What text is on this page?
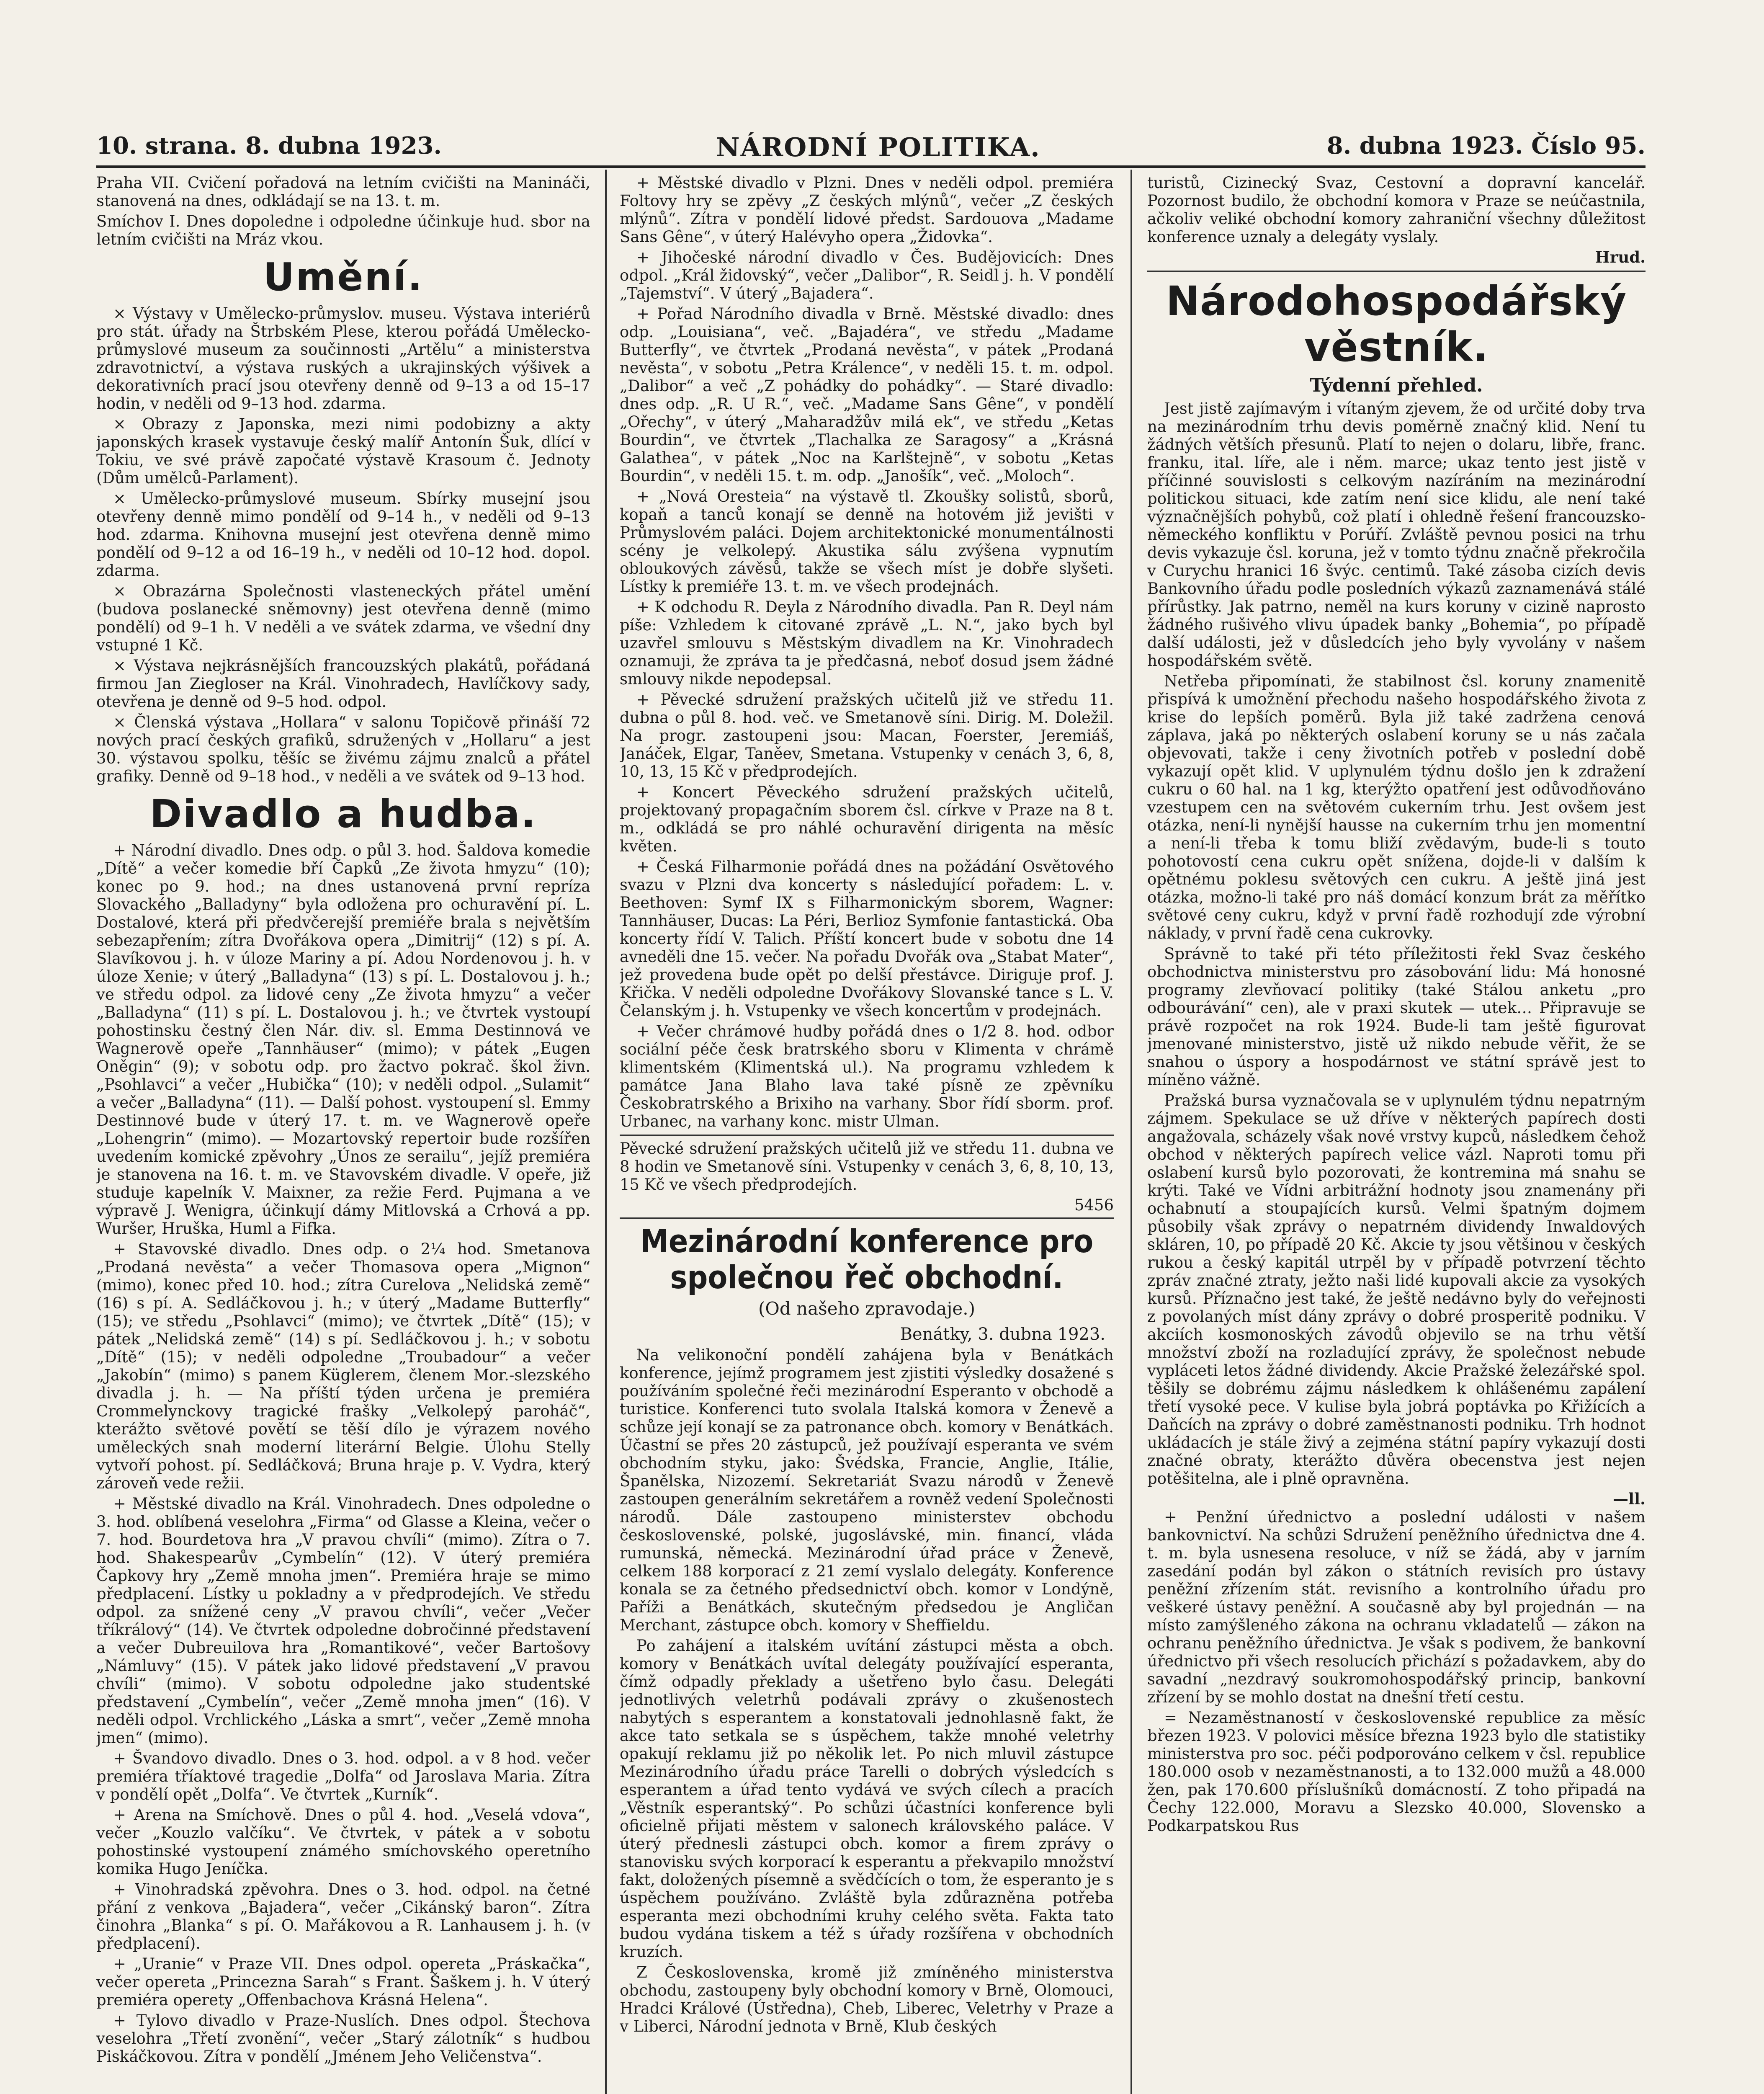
10. strana. 8. dubna 1923.	NÁRODNÍ POLITIKA.	8. dubna 1923. Číslo 95.

Praha VII. Cvičení pořadová na letním cvičišti na Manináči, stanovená na dnes, odkládají se na 13. t. m.

Smíchov I. Dnes dopoledne i odpoledne účinkuje hud. sbor na letním cvičišti na Mráz vkou.

Umění.

× Výstavy v Umělecko-průmyslov. museu. Výstava interiérů pro stát. úřady na Štrbském Plese, kterou pořádá Umělecko-průmyslové museum za součinnosti „Artělu“ a ministerstva zdravotnictví, a výstava ruských a ukrajinských výšivek a dekorativních prací jsou otevřeny denně od 9–13 a od 15–17 hodin, v neděli od 9–13 hod. zdarma.

× Obrazy z Japonska, mezi nimi podobizny a akty japonských krasek vystavuje český malíř Antonín Šuk, dlící v Tokiu, ve své právě započaté výstavě Krasoum č. Jednoty (Dům umělců-Parlament).

× Umělecko-průmyslové museum. Sbírky musejní jsou otevřeny denně mimo pondělí od 9–14 h., v neděli od 9–13 hod. zdarma. Knihovna musejní jest otevřena denně mimo pondělí od 9–12 a od 16–19 h., v neděli od 10–12 hod. dopol. zdarma.

× Obrazárna Společnosti vlasteneckých přátel umění (budova poslanecké sněmovny) jest otevřena denně (mimo pondělí) od 9–1 h. V neděli a ve svátek zdarma, ve všední dny vstupné 1 Kč.

× Výstava nejkrásnějších francouzských plakátů, pořádaná firmou Jan Ziegloser na Král. Vinohradech, Havlíčkovy sady, otevřena je denně od 9–5 hod. odpol.

× Členská výstava „Hollara“ v salonu Topičově přináší 72 nových prací českých grafiků, sdružených v „Hollaru“ a jest 30. výstavou spolku, těšíc se živému zájmu znalců a přátel grafiky. Denně od 9–18 hod., v neděli a ve svátek od 9–13 hod.

Divadlo a hudba.

+ Národní divadlo. Dnes odp. o půl 3. hod. Šaldova komedie „Dítě“ a večer komedie bří Čapků „Ze života hmyzu“ (10); konec po 9. hod.; na dnes ustanovená první repríza Slovackého „Balladyny“ byla odložena pro ochuravění pí. L. Dostalové, která při předvčerejší premiéře brala s největším sebezapřením; zítra Dvořákova opera „Dimitrij“ (12) s pí. A. Slavíkovou j. h. v úloze Mariny a pí. Adou Nordenovou j. h. v úloze Xenie; v úterý „Balladyna“ (13) s pí. L. Dostalovou j. h.; ve středu odpol. za lidové ceny „Ze života hmyzu“ a večer „Balladyna“ (11) s pí. L. Dostalovou j. h.; ve čtvrtek vystoupí pohostinsku čestný člen Nár. div. sl. Emma Destinnová ve Wagnerově opeře „Tannhäuser“ (mimo); v pátek „Eugen Oněgin“ (9); v sobotu odp. pro žactvo pokrač. škol živn. „Psohlavci“ a večer „Hubička“ (10); v neděli odpol. „Sulamit“ a večer „Balladyna“ (11). — Další pohost. vystoupení sl. Emmy Destinnové bude v úterý 17. t. m. ve Wagnerově opeře „Lohengrin“ (mimo). — Mozartovský repertoir bude rozšířen uvedením komické zpěvohry „Únos ze serailu“, jejíž premiéra je stanovena na 16. t. m. ve Stavovském divadle. V opeře, již studuje kapelník V. Maixner, za režie Ferd. Pujmana a ve výpravě J. Wenigra, účinkují dámy Mitlovská a Crhová a pp. Wuršer, Hruška, Huml a Fifka.

+ Stavovské divadlo. Dnes odp. o 2¼ hod. Smetanova „Prodaná nevěsta“ a večer Thomasova opera „Mignon“ (mimo), konec před 10. hod.; zítra Curelova „Nelidská země“ (16) s pí. A. Sedláčkovou j. h.; v úterý „Madame Butterfly“ (15); ve středu „Psohlavci“ (mimo); ve čtvrtek „Dítě“ (15); v pátek „Nelidská země“ (14) s pí. Sedláčkovou j. h.; v sobotu „Dítě“ (15); v neděli odpoledne „Troubadour“ a večer „Jakobín“ (mimo) s panem Küglerem, členem Mor.-slezského divadla j. h. — Na příští týden určena je premiéra Crommelynckovy tragické frašky „Velkolepý paroháč“, kterážto světové povětí se těší dílo je výrazem nového uměleckých snah moderní literární Belgie. Úlohu Stelly vytvoří pohost. pí. Sedláčková; Bruna hraje p. V. Vydra, který zároveň vede režii.

+ Městské divadlo na Král. Vinohradech. Dnes odpoledne o 3. hod. oblíbená veselohra „Firma“ od Glasse a Kleina, večer o 7. hod. Bourdetova hra „V pravou chvíli“ (mimo). Zítra o 7. hod. Shakespearův „Cymbelín“ (12). V úterý premiéra Čapkovy hry „Země mnoha jmen“. Premiéra hraje se mimo předplacení. Lístky u pokladny a v předprodejích. Ve středu odpol. za snížené ceny „V pravou chvíli“, večer „Večer tříkrálový“ (14). Ve čtvrtek odpoledne dobročinné představení a večer Dubreuilova hra „Romantikové“, večer Bartošovy „Námluvy“ (15). V pátek jako lidové představení „V pravou chvíli“ (mimo). V sobotu odpoledne jako studentské představení „Cymbelín“, večer „Země mnoha jmen“ (16). V neděli odpol. Vrchlického „Láska a smrt“, večer „Země mnoha jmen“ (mimo).

+ Švandovo divadlo. Dnes o 3. hod. odpol. a v 8 hod. večer premiéra tříaktové tragedie „Dolfa“ od Jaroslava Maria. Zítra v pondělí opět „Dolfa“. Ve čtvrtek „Kurník“.

+ Arena na Smíchově. Dnes o půl 4. hod. „Veselá vdova“, večer „Kouzlo valčíku“. Ve čtvrtek, v pátek a v sobotu pohostinské vystoupení známého smíchovského operetního komika Hugo Jeníčka.

+ Vinohradská zpěvohra. Dnes o 3. hod. odpol. na četné přání z venkova „Bajadera“, večer „Cikánský baron“. Zítra činohra „Blanka“ s pí. O. Mařákovou a R. Lanhausem j. h. (v předplacení).

+ „Uranie“ v Praze VII. Dnes odpol. opereta „Práskačka“, večer opereta „Princezna Sarah“ s Frant. Šaškem j. h. V úterý premiéra operety „Offenbachova Krásná Helena“.

+ Tylovo divadlo v Praze-Nuslích. Dnes odpol. Štechova veselohra „Třetí zvonění“, večer „Starý zálotník“ s hudbou Piskáčkovou. Zítra v pondělí „Jménem Jeho Veličenstva“.

+ Městské divadlo v Plzni. Dnes v neděli odpol. premiéra Foltovy hry se zpěvy „Z českých mlýnů“, večer „Z českých mlýnů“. Zítra v pondělí lidové předst. Sardouova „Madame Sans Gêne“, v úterý Halévyho opera „Židovka“.

+ Jihočeské národní divadlo v Čes. Budějovicích: Dnes odpol. „Král židovský“, večer „Dalibor“, R. Seidl j. h. V pondělí „Tajemství“. V úterý „Bajadera“.

+ Pořad Národního divadla v Brně. Městské divadlo: dnes odp. „Louisiana“, več. „Bajadéra“, ve středu „Madame Butterfly“, ve čtvrtek „Prodaná nevěsta“, v pátek „Prodaná nevěsta“, v sobotu „Petra Králence“, v neděli 15. t. m. odpol. „Dalibor“ a več „Z pohádky do pohádky“. — Staré divadlo: dnes odp. „R. U R.“, več. „Madame Sans Gêne“, v pondělí „Ořechy“, v úterý „Maharadžův milá ek“, ve středu „Ketas Bourdin“, ve čtvrtek „Tlachalka ze Saragosy“ a „Krásná Galathea“, v pátek „Noc na Karlštejně“, v sobotu „Ketas Bourdin“, v neděli 15. t. m. odp. „Janošík“, več. „Moloch“.

+ „Nová Oresteia“ na výstavě tl. Zkoušky solistů, sborů, kopaň a tanců konají se denně na hotovém již jevišti v Průmyslovém paláci. Dojem architektonické monumentálnosti scény je velkolepý. Akustika sálu zvýšena vypnutím obloukových závěsů, takže se všech míst je dobře slyšeti. Lístky k premiéře 13. t. m. ve všech prodejnách.

+ K odchodu R. Deyla z Národního divadla. Pan R. Deyl nám píše: Vzhledem k citované zprávě „L. N.“, jako bych byl uzavřel smlouvu s Městským divadlem na Kr. Vinohradech oznamuji, že zpráva ta je předčasná, neboť dosud jsem žádné smlouvy nikde nepodepsal.

+ Pěvecké sdružení pražských učitelů již ve středu 11. dubna o půl 8. hod. več. ve Smetanově síni. Dirig. M. Doležil. Na progr. zastoupeni jsou: Macan, Foerster, Jeremiáš, Janáček, Elgar, Taněev, Smetana. Vstupenky v cenách 3, 6, 8, 10, 13, 15 Kč v předprodejích.

+ Koncert Pěveckého sdružení pražských učitelů, projektovaný propagačním sborem čsl. církve v Praze na 8 t. m., odkládá se pro náhlé ochuravění dirigenta na měsíc květen.

+ Česká Filharmonie pořádá dnes na požádání Osvětového svazu v Plzni dva koncerty s následující pořadem: L. v. Beethoven: Symf IX s Filharmonickým sborem, Wagner: Tannhäuser, Ducas: La Péri, Berlioz Symfonie fantastická. Oba koncerty řídí V. Talich. Příští koncert bude v sobotu dne 14 avneděli dne 15. večer. Na pořadu Dvořák ova „Stabat Mater“, jež provedena bude opět po delší přestávce. Diriguje prof. J. Křička. V neděli odpoledne Dvořákovy Slovanské tance s L. V. Čelanským j. h. Vstupenky ve všech koncertům v prodejnách.

+ Večer chrámové hudby pořádá dnes o 1/2 8. hod. odbor sociální péče česk bratrského sboru v Klimenta v chrámě klimentském (Klimentská ul.). Na programu vzhledem k památce Jana Blaho lava také písně ze zpěvníku Českobratrského a Brixiho na varhany. Sbor řídí sborm. prof. Urbanec, na varhany konc. mistr Ulman.

Pěvecké sdružení pražských učitelů již ve středu 11. dubna ve 8 hodin ve Smetanově síni. Vstupenky v cenách 3, 6, 8, 10, 13, 15 Kč ve všech předprodejích.

5456
Mezinárodní konference pro společnou řeč obchodní.
(Od našeho zpravodaje.)
Benátky, 3. dubna 1923.

Na velikonoční pondělí zahájena byla v Benátkách konference, jejímž programem jest zjistiti výsledky dosažené s používáním společné řeči mezinárodní Esperanto v obchodě a turistice. Konferenci tuto svolala Italská komora v Ženevě a schůze její konají se za patronance obch. komory v Benátkách. Účastní se přes 20 zástupců, jež používají esperanta ve svém obchodním styku, jako: Švédska, Francie, Anglie, Itálie, Španělska, Nizozemí. Sekretariát Svazu národů v Ženevě zastoupen generálním sekretářem a rovněž vedení Společnosti národů. Dále zastoupeno ministerstev obchodu československé, polské, jugoslávské, min. financí, vláda rumunská, německá. Mezinárodní úřad práce v Ženevě, celkem 188 korporací z 21 zemí vyslalo delegáty. Konference konala se za četného předsednictví obch. komor v Londýně, Paříži a Benátkách, skutečným předsedou je Angličan Merchant, zástupce obch. komory v Sheffieldu.

Po zahájení a italském uvítání zástupci města a obch. komory v Benátkách uvítal delegáty používající esperanta, čímž odpadly překlady a ušetřeno bylo času. Delegáti jednotlivých veletrhů podávali zprávy o zkušenostech nabytých s esperantem a konstatovali jednohlasně fakt, že akce tato setkala se s úspěchem, takže mnohé veletrhy opakují reklamu již po několik let. Po nich mluvil zástupce Mezinárodního úřadu práce Tarelli o dobrých výsledcích s esperantem a úřad tento vydává ve svých cílech a pracích „Věstník esperantský“. Po schůzi účastníci konference byli oficielně přijati městem v salonech královského paláce. V úterý přednesli zástupci obch. komor a firem zprávy o stanovisku svých korporací k esperantu a překvapilo množství fakt, doložených písemně a svědčících o tom, že esperanto je s úspěchem používáno. Zvláště byla zdůrazněna potřeba esperanta mezi obchodními kruhy celého světa. Fakta tato budou vydána tiskem a též s úřady rozšířena v obchodních kruzích.

Z Československa, kromě již zmíněného ministerstva obchodu, zastoupeny byly obchodní komory v Brně, Olomouci, Hradci Králové (Ústředna), Cheb, Liberec, Veletrhy v Praze a v Liberci, Národní jednota v Brně, Klub českých

turistů, Cizinecký Svaz, Cestovní a dopravní kancelář. Pozornost budilo, že obchodní komora v Praze se neúčastnila, ačkoliv veliké obchodní komory zahraniční všechny důležitost konference uznaly a delegáty vyslaly.

Hrud.
Národohospodářský věstník.
Týdenní přehled.

Jest jistě zajímavým i vítaným zjevem, že od určité doby trva na mezinárodním trhu devis poměrně značný klid. Není tu žádných větších přesunů. Platí to nejen o dolaru, libře, franc. franku, ital. líře, ale i něm. marce; ukaz tento jest jistě v příčinné souvislosti s celkovým nazíráním na mezinárodní politickou situaci, kde zatím není sice klidu, ale není také význačnějších pohybů, což platí i ohledně řešení francouzsko-německého konfliktu v Porúří. Zvláště pevnou posici na trhu devis vykazuje čsl. koruna, jež v tomto týdnu značně překročila v Curychu hranici 16 švýc. centimů. Také zásoba cizích devis Bankovního úřadu podle posledních výkazů zaznamenává stálé přírůstky. Jak patrno, neměl na kurs koruny v cizině naprosto žádného rušivého vlivu úpadek banky „Bohemia“, po případě další události, jež v důsledcích jeho byly vyvolány v našem hospodářském světě.

Netřeba připomínati, že stabilnost čsl. koruny znamenitě přispívá k umožnění přechodu našeho hospodářského života z krise do lepších poměrů. Byla již také zadržena cenová záplava, jaká po některých oslabení koruny se u nás začala objevovati, takže i ceny životních potřeb v poslední době vykazují opět klid. V uplynulém týdnu došlo jen k zdražení cukru o 60 hal. na 1 kg, kterýžto opatření jest odůvodňováno vzestupem cen na světovém cukerním trhu. Jest ovšem jest otázka, není-li nynější hausse na cukerním trhu jen momentní a není-li třeba k tomu bliží zvědavým, bude-li s touto pohotovostí cena cukru opět snížena, dojde-li v dalším k opětnému poklesu světových cen cukru. A ještě jiná jest otázka, možno-li také pro náš domácí konzum brát za měřítko světové ceny cukru, když v první řadě rozhodují zde výrobní náklady, v první řadě cena cukrovky.

Správně to také při této příležitosti řekl Svaz českého obchodnictva ministerstvu pro zásobování lidu: Má honosné programy zlevňovací politiky (také Stálou anketu „pro odbourávání“ cen), ale v praxi skutek — utek… Připravuje se právě rozpočet na rok 1924. Bude-li tam ještě figurovat jmenované ministerstvo, jistě už nikdo nebude věřit, že se snahou o úspory a hospodárnost ve státní správě jest to míněno vážně.

Pražská bursa vyznačovala se v uplynulém týdnu nepatrným zájmem. Spekulace se už dříve v některých papírech dosti angažovala, scházely však nové vrstvy kupců, následkem čehož obchod v některých papírech velice vázl. Naproti tomu při oslabení kursů bylo pozorovati, že kontremina má snahu se krýti. Také ve Vídni arbitrážní hodnoty jsou znamenány při ochabnutí a stoupajících kursů. Velmi špatným dojmem působily však zprávy o nepatrném dividendy Inwaldových skláren, 10, po případě 20 Kč. Akcie ty jsou většinou v českých rukou a český kapitál utrpěl by v případě potvrzení těchto zpráv značné ztraty, ježto naši lidé kupovali akcie za vysokých kursů. Příznačno jest také, že ještě nedávno byly do veřejnosti z povolaných míst dány zprávy o dobré prosperitě podniku. V akciích kosmonoských závodů objevilo se na trhu větší množství zboží na rozladující zprávy, že společnost nebude vypláceti letos žádné dividendy. Akcie Pražské železářské spol. těšily se dobrému zájmu následkem k ohlášenému zapálení třetí vysoké pece. V kulise byla jobrá poptávka po Křižících a Daňcích na zprávy o dobré zaměstnanosti podniku. Trh hodnot ukládacích je stále živý a zejména státní papíry vykazují dosti značné obraty, kterážto důvěra obecenstva jest nejen potěšitelna, ale i plně opravněna.

—ll.

+ Penžní úřednictvo a poslední události v našem bankovnictví. Na schůzi Sdružení peněžního úřednictva dne 4. t. m. byla usnesena resoluce, v níž se žádá, aby v jarním zasedání podán byl zákon o státních revisích pro ústavy peněžní zřízením stát. revisního a kontrolního úřadu pro veškeré ústavy peněžní. A současně aby byl projednán — na místo zamýšleného zákona na ochranu vkladatelů — zákon na ochranu peněžního úřednictva. Je však s podivem, že bankovní úřednictvo při všech resolucích přichází s požadavkem, aby do savadní „nezdravý soukromohospodářský princip, bankovní zřízení by se mohlo dostat na dnešní třetí cestu.

= Nezaměstnaností v československé republice za měsíc březen 1923. V polovici měsíce března 1923 bylo dle statistiky ministerstva pro soc. péči podporováno celkem v čsl. republice 180.000 osob v nezaměstnanosti, a to 132.000 mužů a 48.000 žen, pak 170.600 příslušníků domácností. Z toho připadá na Čechy 122.000, Moravu a Slezsko 40.000, Slovensko a Podkarpatskou Rus
